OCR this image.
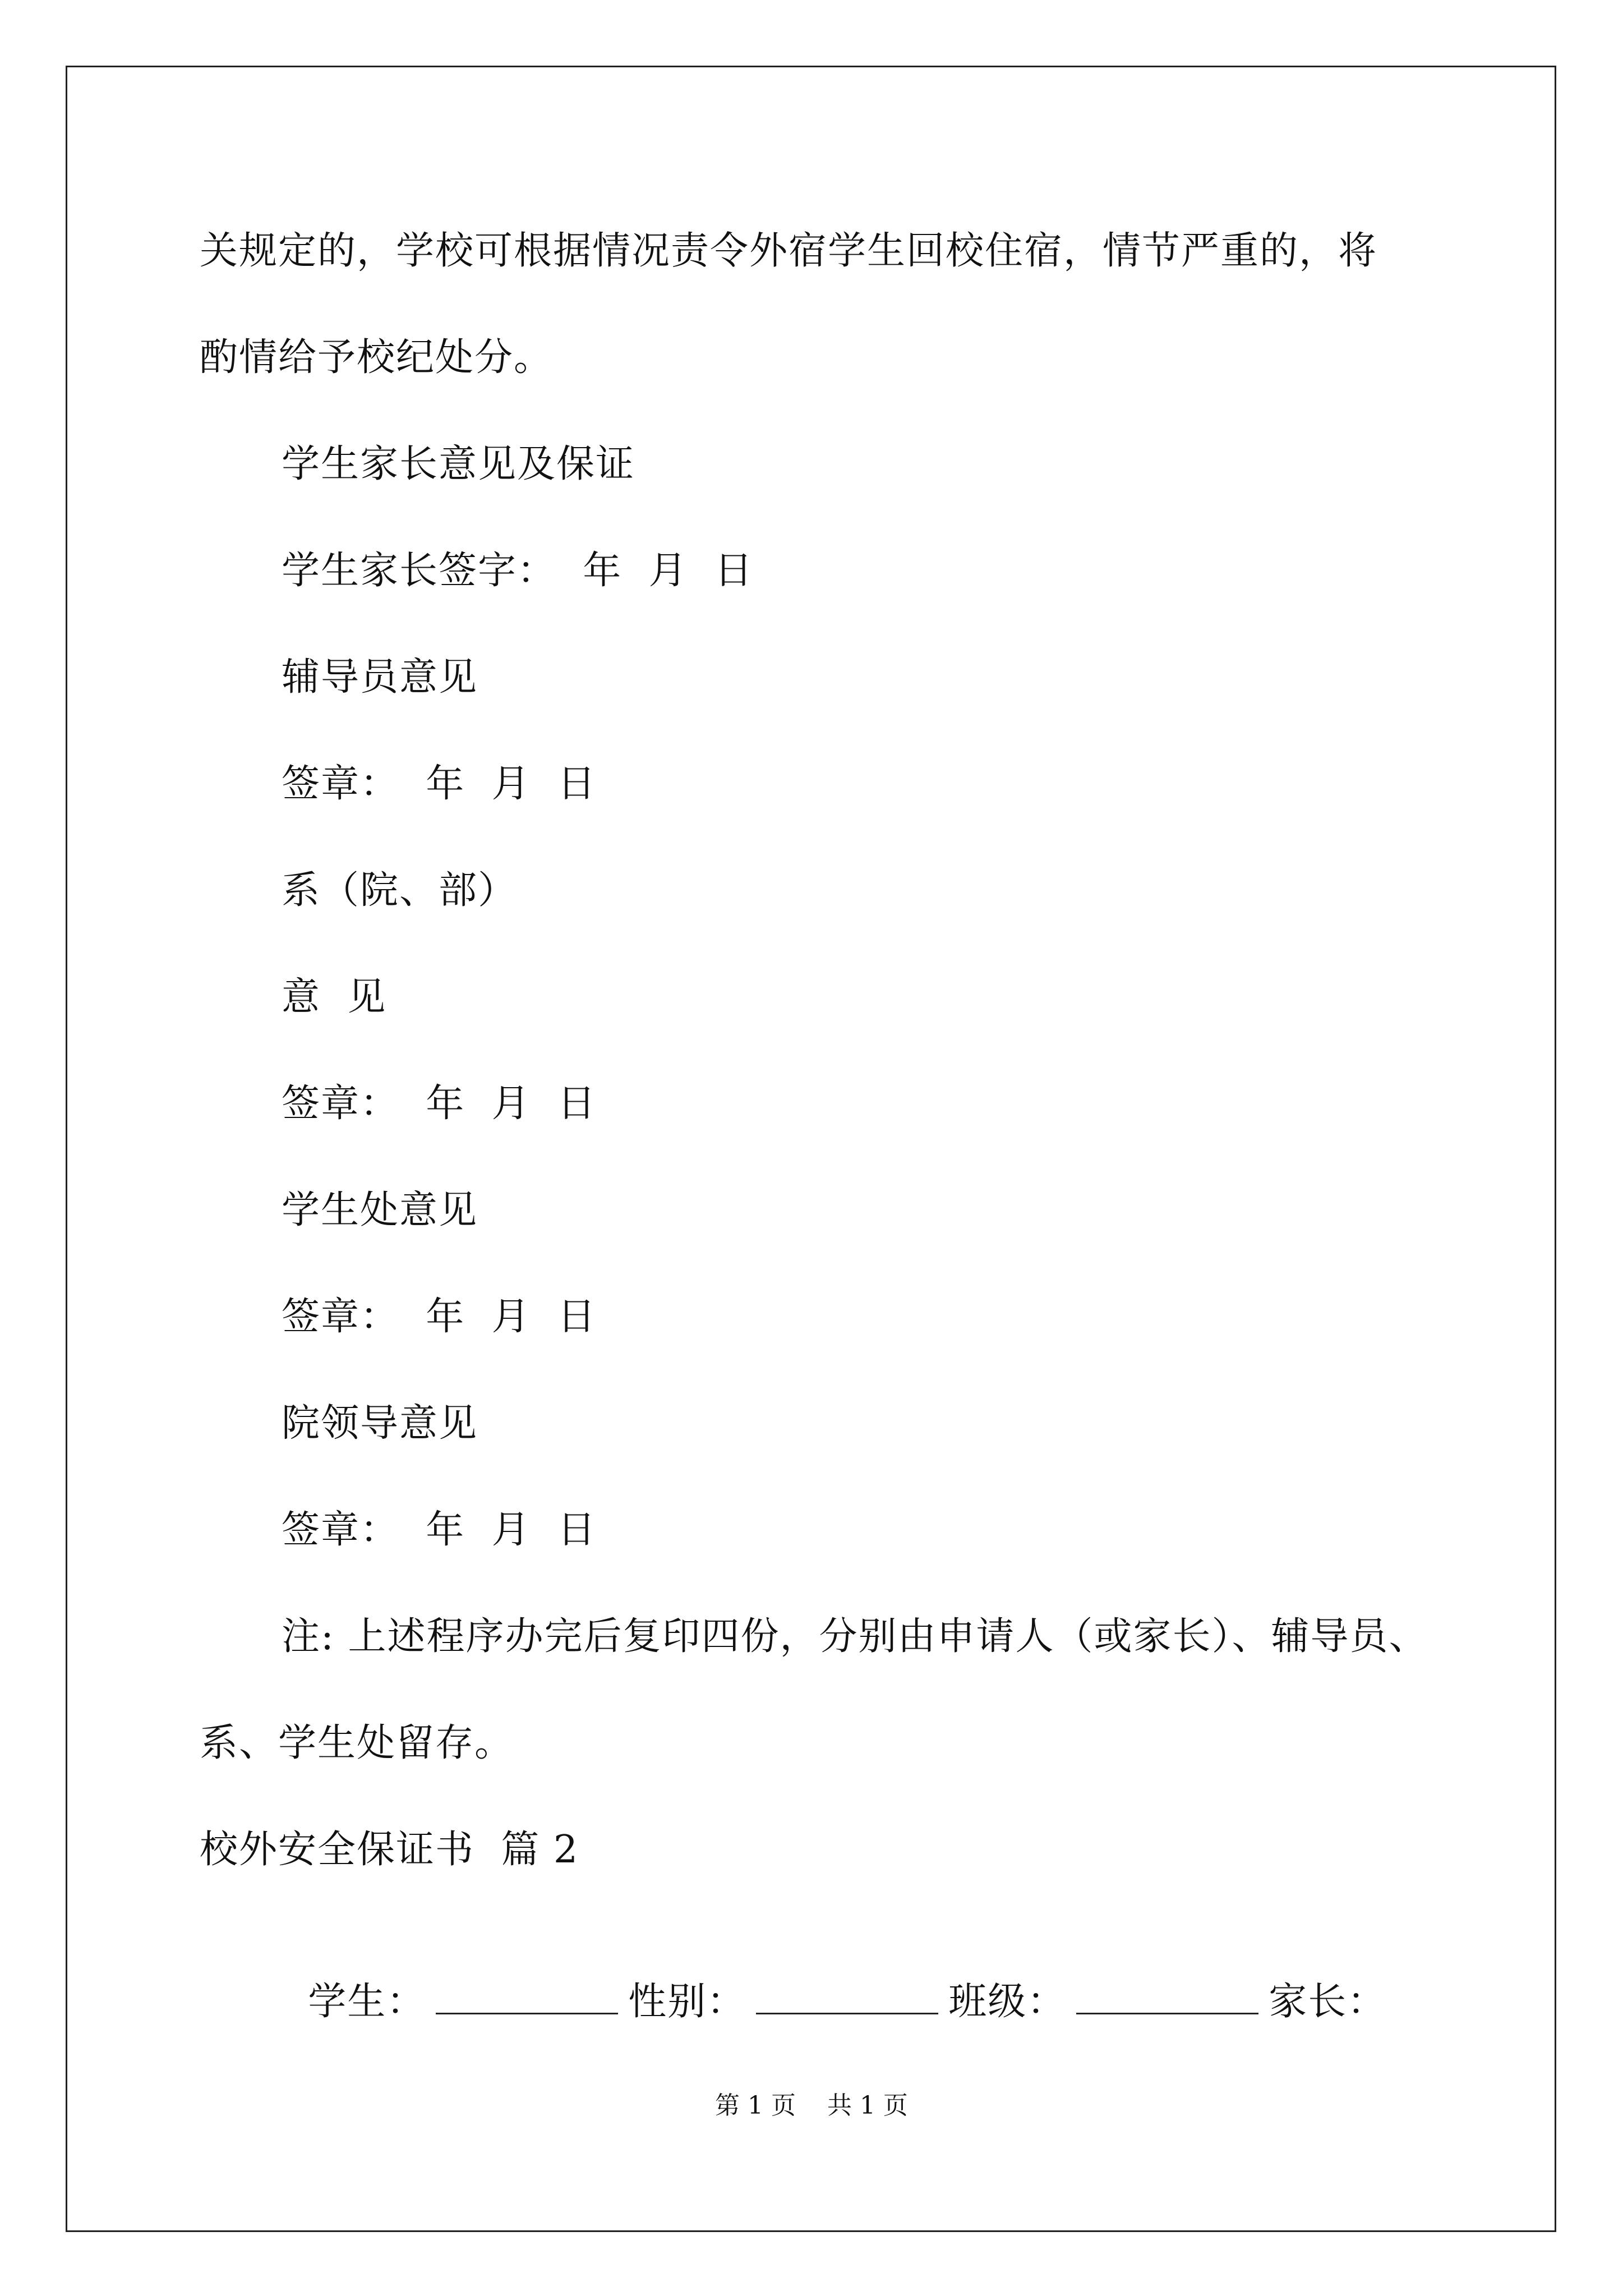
关规定的，学校可根据情况责令外宿学生回校住宿，情节严重的，将
酌情给予校纪处分。
学生家长意见及保证
学生家长签字：  年  月  日
辅导员意见
签章：  年  月  日
系（院、部）
意  见
签章：  年  月  日
学生处意见
签章：  年  月  日
院领导意见
签章：  年  月  日
注: 上述程序办完后复印四份，分别由申请人（或家长）、辅导员、
系、学生处留存。
校外安全保证书  篇 2

学生：	性别：	班级：	家长：

第 1 页    共 1 页
